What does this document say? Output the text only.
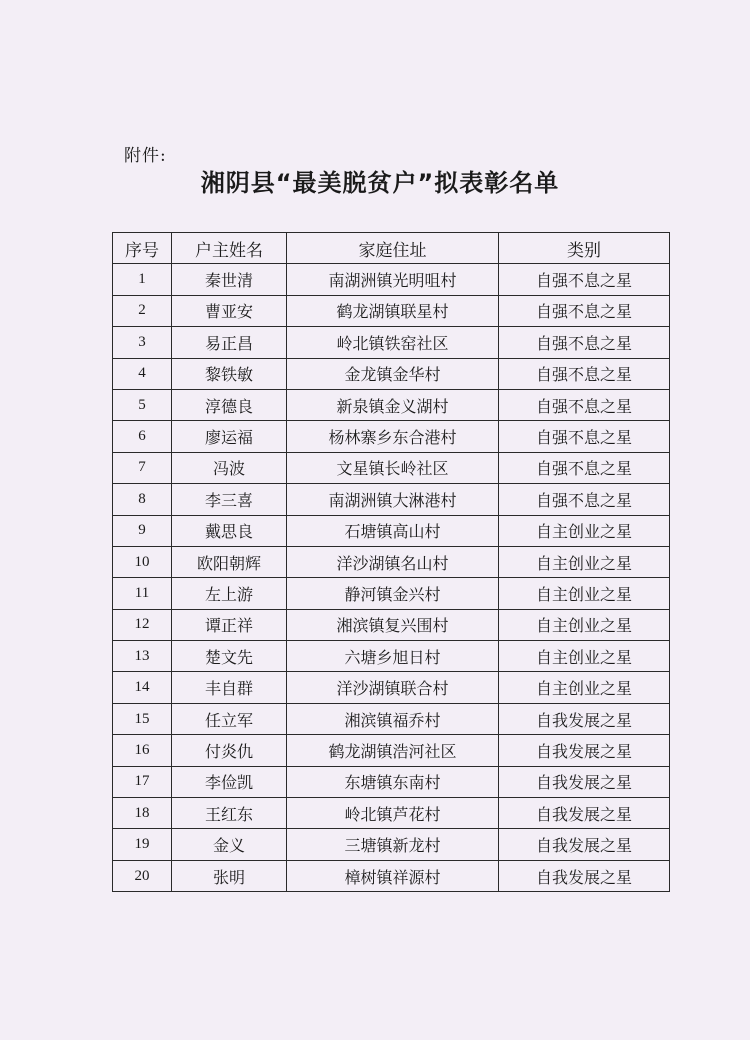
附件:
湘阴县“最美脱贫户”拟表彰名单
序号	户主姓名	家庭住址	类别
1	秦世清	南湖洲镇光明咀村	自强不息之星
2	曹亚安	鹤龙湖镇联星村	自强不息之星
3	易正昌	岭北镇铁窑社区	自强不息之星
4	黎铁敏	金龙镇金华村	自强不息之星
5	淳德良	新泉镇金义湖村	自强不息之星
6	廖运福	杨林寨乡东合港村	自强不息之星
7	冯波	文星镇长岭社区	自强不息之星
8	李三喜	南湖洲镇大淋港村	自强不息之星
9	戴思良	石塘镇高山村	自主创业之星
10	欧阳朝辉	洋沙湖镇名山村	自主创业之星
11	左上游	静河镇金兴村	自主创业之星
12	谭正祥	湘滨镇复兴围村	自主创业之星
13	楚文先	六塘乡旭日村	自主创业之星
14	丰自群	洋沙湖镇联合村	自主创业之星
15	任立军	湘滨镇福乔村	自我发展之星
16	付炎仇	鹤龙湖镇浩河社区	自我发展之星
17	李俭凯	东塘镇东南村	自我发展之星
18	王红东	岭北镇芦花村	自我发展之星
19	金义	三塘镇新龙村	自我发展之星
20	张明	樟树镇祥源村	自我发展之星
